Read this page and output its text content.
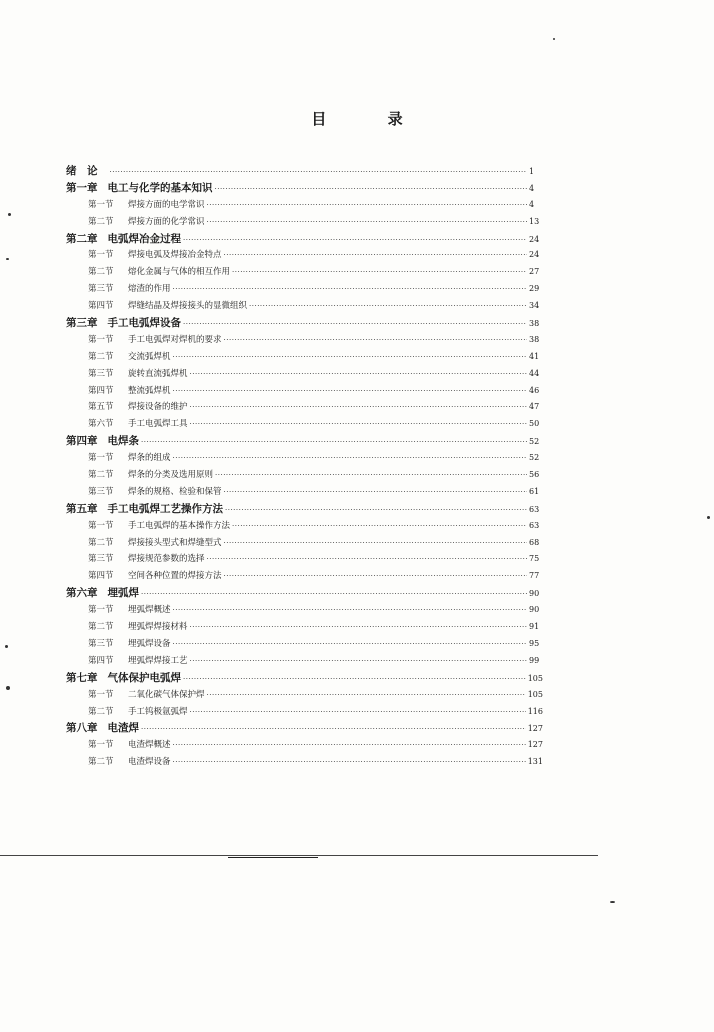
目 录
绪　论 ·····	1
第一章 电工与化学的基本知识 ·····	4
第一节	焊接方面的电学常识 ·····	4
第二节	焊接方面的化学常识 ·····	13
第二章 电弧焊冶金过程 ·····	24
第一节	焊接电弧及焊接冶金特点 ·····	24
第二节	熔化金属与气体的相互作用 ·····	27
第三节	熔渣的作用 ·····	29
第四节	焊缝结晶及焊接接头的显微组织 ·····	34
第三章 手工电弧焊设备 ·····	38
第一节	手工电弧焊对焊机的要求 ·····	38
第二节	交流弧焊机 ·····	41
第三节	旋转直流弧焊机 ·····	44
第四节	整流弧焊机 ·····	46
第五节	焊接设备的维护 ·····	47
第六节	手工电弧焊工具 ·····	50
第四章 电焊条 ·····	52
第一节	焊条的组成 ·····	52
第二节	焊条的分类及选用原则 ·····	56
第三节	焊条的规格、检验和保管 ·····	61
第五章 手工电弧焊工艺操作方法 ·····	63
第一节	手工电弧焊的基本操作方法 ·····	63
第二节	焊接接头型式和焊缝型式 ·····	68
第三节	焊接规范参数的选择 ·····	75
第四节	空间各种位置的焊接方法 ·····	77
第六章 埋弧焊 ·····	90
第一节	埋弧焊概述 ·····	90
第二节	埋弧焊焊接材料 ·····	91
第三节	埋弧焊设备 ·····	95
第四节	埋弧焊焊接工艺 ·····	99
第七章 气体保护电弧焊 ·····	105
第一节	二氧化碳气体保护焊 ·····	105
第二节	手工钨极氩弧焊 ·····	116
第八章 电渣焊 ·····	127
第一节	电渣焊概述 ·····	127
第二节	电渣焊设备 ·····	131
